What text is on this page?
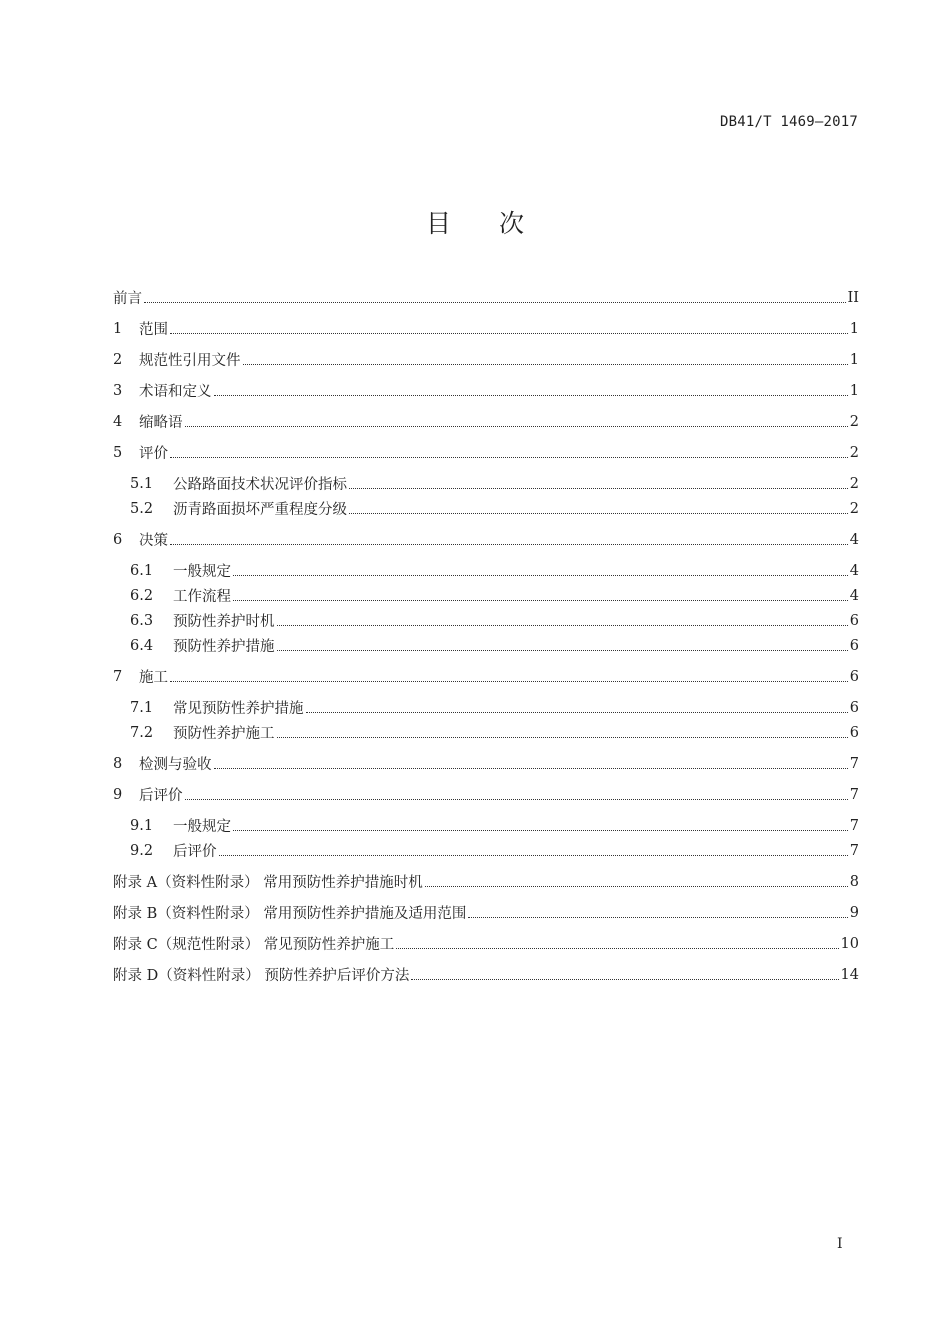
DB41/T 1469—2017
目次
前言	II
1	范围	1
2	规范性引用文件	1
3	术语和定义	1
4	缩略语	2
5	评价	2
5.1	公路路面技术状况评价指标	2
5.2	沥青路面损坏严重程度分级	2
6	决策	4
6.1	一般规定	4
6.2	工作流程	4
6.3	预防性养护时机	6
6.4	预防性养护措施	6
7	施工	6
7.1	常见预防性养护措施	6
7.2	预防性养护施工	6
8	检测与验收	7
9	后评价	7
9.1	一般规定	7
9.2	后评价	7
附录 A（资料性附录） 常用预防性养护措施时机	8
附录 B（资料性附录） 常用预防性养护措施及适用范围	9
附录 C（规范性附录） 常见预防性养护施工	10
附录 D（资料性附录） 预防性养护后评价方法	14
I
